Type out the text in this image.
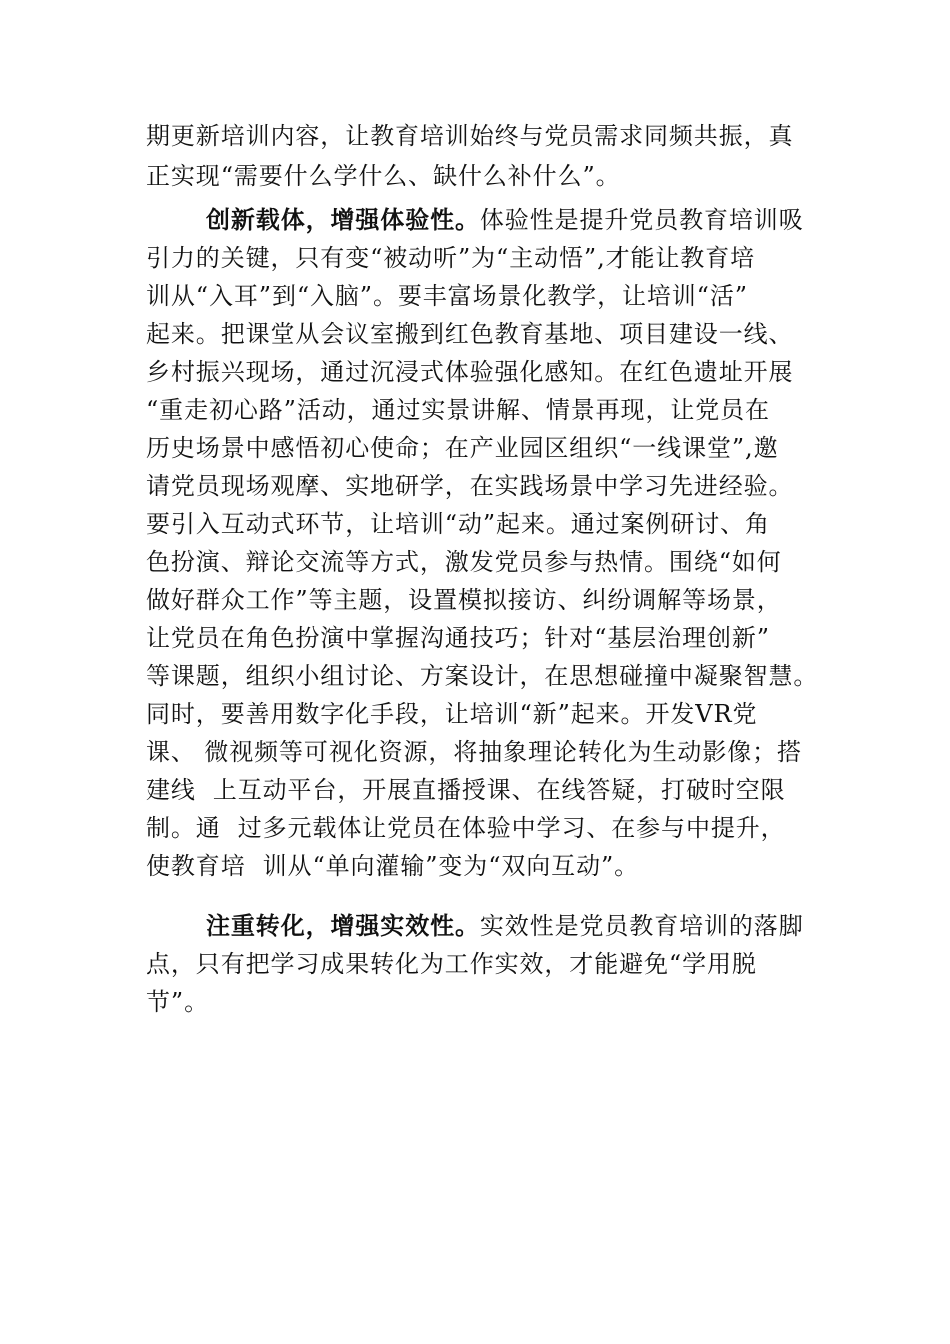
期更新培训内容，让教育培训始终与党员需求同频共振，真
正实现“需要什么学什么、缺什么补什么”。
创新载体，增强体验性。体验性是提升党员教育培训吸
引力的关键，只有变“被动听”为“主动悟”,才能让教育培
训从“入耳”到“入脑”。要丰富场景化教学，让培训“活”
起来。把课堂从会议室搬到红色教育基地、项目建设一线、
乡村振兴现场，通过沉浸式体验强化感知。在红色遗址开展
“重走初心路”活动，通过实景讲解、情景再现，让党员在
历史场景中感悟初心使命；在产业园区组织“一线课堂”,邀
请党员现场观摩、实地研学，在实践场景中学习先进经验。
要引入互动式环节，让培训“动”起来。通过案例研讨、角
色扮演、辩论交流等方式，激发党员参与热情。围绕“如何
做好群众工作”等主题，设置模拟接访、纠纷调解等场景，
让党员在角色扮演中掌握沟通技巧；针对“基层治理创新”
等课题，组织小组讨论、方案设计，在思想碰撞中凝聚智慧。
同时，要善用数字化手段，让培训“新”起来。开发VR党
课、 微视频等可视化资源，将抽象理论转化为生动影像；搭
建线  上互动平台，开展直播授课、在线答疑，打破时空限
制。通  过多元载体让党员在体验中学习、在参与中提升，
使教育培  训从“单向灌输”变为“双向互动”。
注重转化，增强实效性。实效性是党员教育培训的落脚
点，只有把学习成果转化为工作实效，才能避免“学用脱
节”。
